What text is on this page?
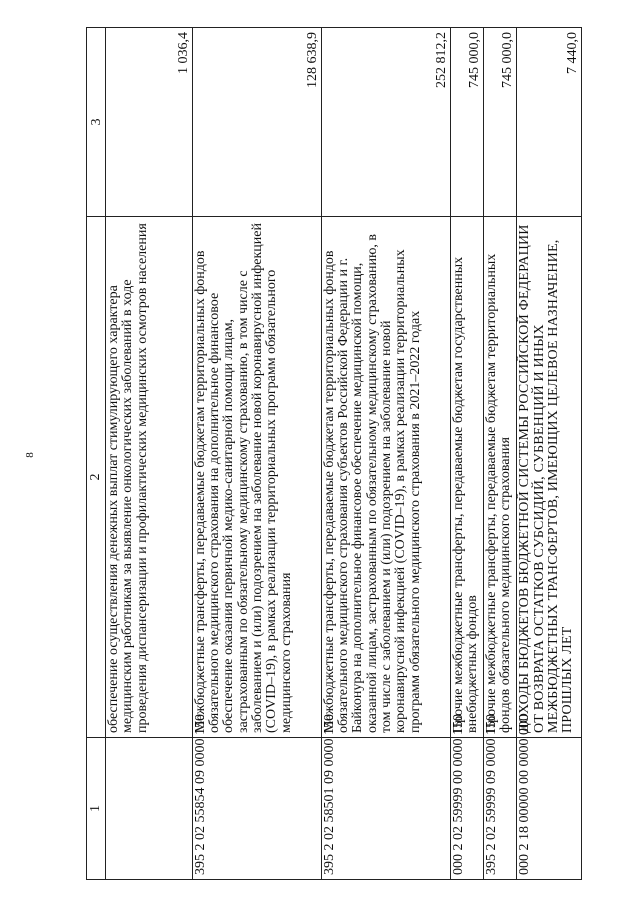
8
1	2	3
	обеспечение осуществления денежных выплат стимулирующего характера медицинским работникам за выявление онкологических заболеваний в ходе проведения диспансеризации и профилактических медицинских осмотров населения	1 036,4
395 2 02 55854 09 0000 150	Межбюджетные трансферты, передаваемые бюджетам территориальных фондов обязательного медицинского страхования на дополнительное финансовое обеспечение оказания первичной медико-санитарной помощи лицам, застрахованным по обязательному медицинскому страхованию, в том числе с заболеванием и (или) подозрением на заболевание новой коронавирусной инфекцией (COVID–19), в рамках реализации территориальных программ обязательного медицинского страхования	128 638,9
395 2 02 58501 09 0000 150	Межбюджетные трансферты, передаваемые бюджетам территориальных фондов обязательного медицинского страхования субъектов Российской Федерации и г. Байконура на дополнительное финансовое обеспечение медицинской помощи, оказанной лицам, застрахованным по обязательному медицинскому страхованию, в том числе с заболеванием и (или) подозрением на заболевание новой коронавирусной инфекцией (COVID–19), в рамках реализации территориальных программ обязательного медицинского страхования в 2021–2022 годах	252 812,2
000 2 02 59999 00 0000 150	Прочие межбюджетные трансферты, передаваемые бюджетам государственных внебюджетных фондов	745 000,0
395 2 02 59999 09 0000 150	Прочие межбюджетные трансферты, передаваемые бюджетам территориальных фондов обязательного медицинского страхования	745 000,0
000 2 18 00000 00 0000 000	ДОХОДЫ БЮДЖЕТОВ БЮДЖЕТНОЙ СИСТЕМЫ РОССИЙСКОЙ ФЕДЕРАЦИИ ОТ ВОЗВРАТА ОСТАТКОВ СУБСИДИЙ, СУБВЕНЦИЙ И ИНЫХ МЕЖБЮДЖЕТНЫХ ТРАНСФЕРТОВ, ИМЕЮЩИХ ЦЕЛЕВОЕ НАЗНАЧЕНИЕ, ПРОШЛЫХ ЛЕТ	7 440,0
